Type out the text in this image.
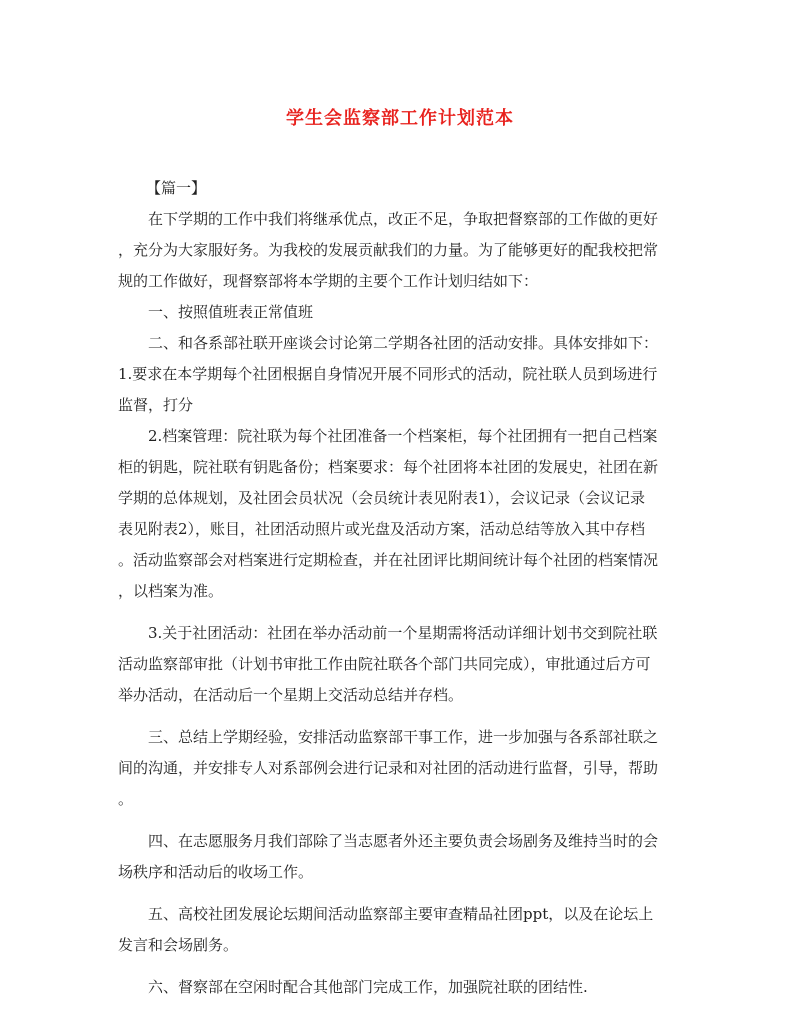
学生会监察部工作计划范本
【篇一】
在下学期的工作中我们将继承优点，改正不足，争取把督察部的工作做的更好
，充分为大家服好务。为我校的发展贡献我们的力量。为了能够更好的配我校把常
规的工作做好，现督察部将本学期的主要个工作计划归结如下：
一、按照值班表正常值班
二、和各系部社联开座谈会讨论第二学期各社团的活动安排。具体安排如下：
1.要求在本学期每个社团根据自身情况开展不同形式的活动，院社联人员到场进行
监督，打分
2.档案管理：院社联为每个社团准备一个档案柜，每个社团拥有一把自己档案
柜的钥匙，院社联有钥匙备份；档案要求：每个社团将本社团的发展史，社团在新
学期的总体规划，及社团会员状况（会员统计表见附表1），会议记录（会议记录
表见附表2），账目，社团活动照片或光盘及活动方案，活动总结等放入其中存档
。活动监察部会对档案进行定期检查，并在社团评比期间统计每个社团的档案情况
，以档案为准。
3.关于社团活动：社团在举办活动前一个星期需将活动详细计划书交到院社联
活动监察部审批（计划书审批工作由院社联各个部门共同完成），审批通过后方可
举办活动，在活动后一个星期上交活动总结并存档。
三、总结上学期经验，安排活动监察部干事工作，进一步加强与各系部社联之
间的沟通，并安排专人对系部例会进行记录和对社团的活动进行监督，引导，帮助
。
四、在志愿服务月我们部除了当志愿者外还主要负责会场剧务及维持当时的会
场秩序和活动后的收场工作。
五、高校社团发展论坛期间活动监察部主要审查精品社团ppt，以及在论坛上
发言和会场剧务。
六、督察部在空闲时配合其他部门完成工作，加强院社联的团结性.
